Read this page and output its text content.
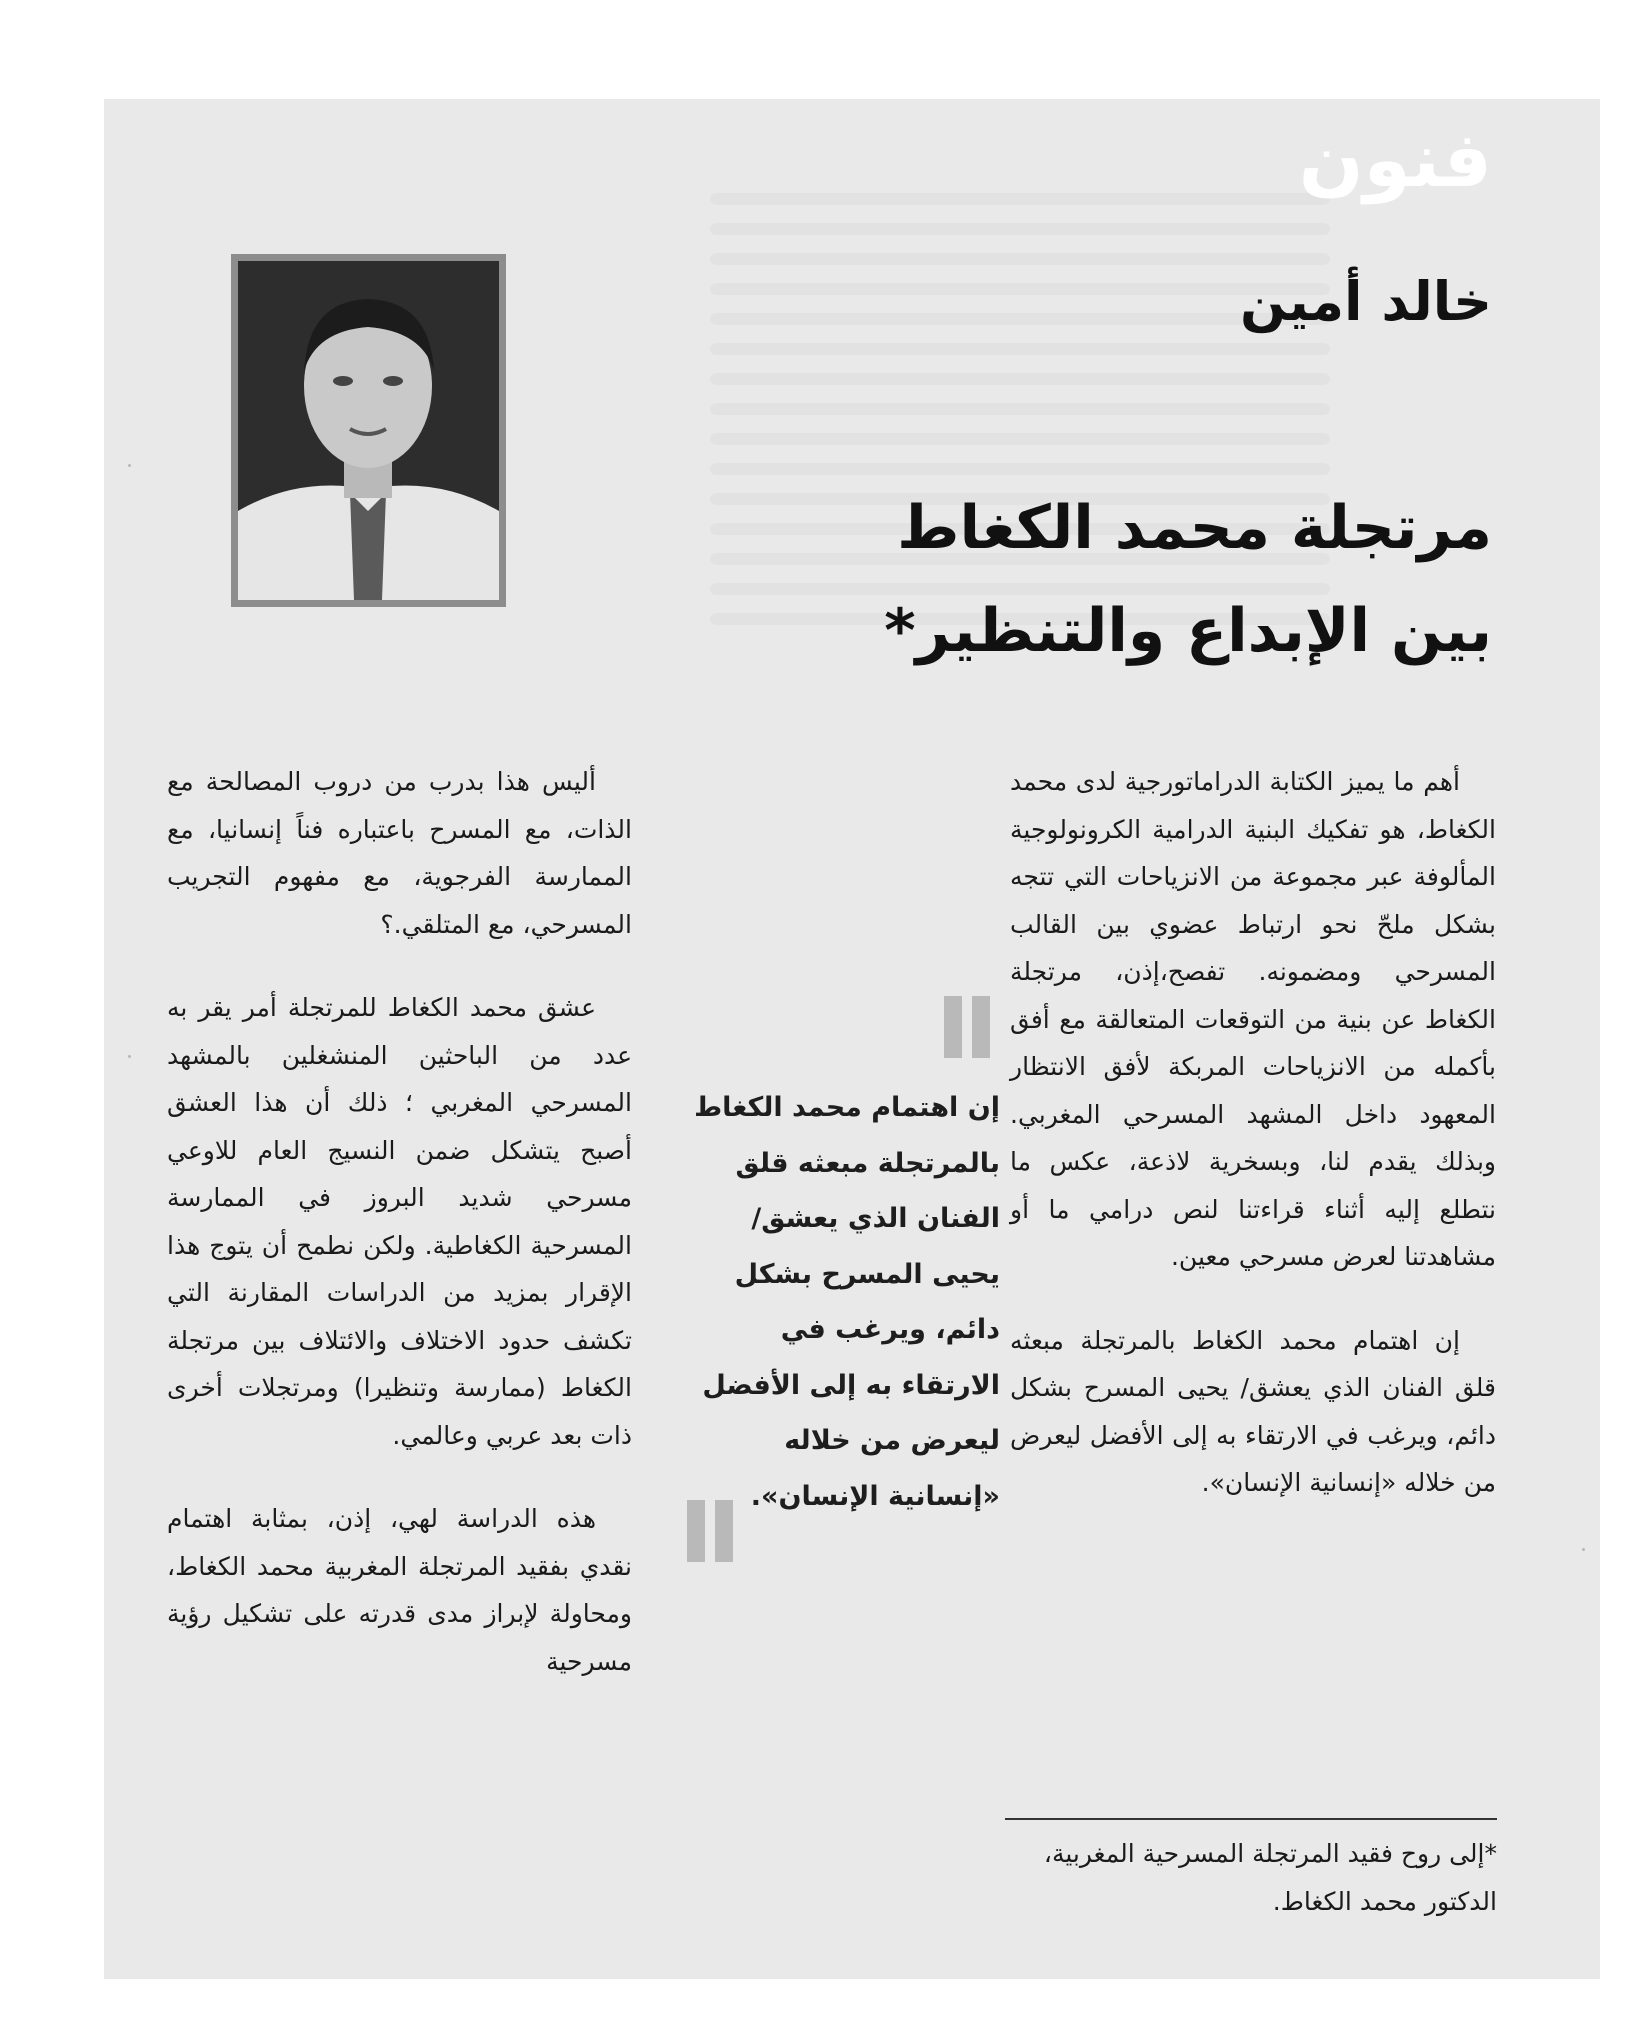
فنون
خالد أمين
مرتجلة محمد الكغاط
بين الإبداع والتنظير*

أهم ما يميز الكتابة الدراماتورجية لدى محمد الكغاط، هو تفكيك البنية الدرامية الكرونولوجية المألوفة عبر مجموعة من الانزياحات التي تتجه بشكل ملحّ نحو ارتباط عضوي بين القالب المسرحي ومضمونه. تفصح،إذن، مرتجلة الكغاط عن بنية من التوقعات المتعالقة مع أفق بأكمله من الانزياحات المربكة لأفق الانتظار المعهود داخل المشهد المسرحي المغربي. وبذلك يقدم لنا، وبسخرية لاذعة، عكس ما نتطلع إليه أثناء قراءتنا لنص درامي ما أو مشاهدتنا لعرض مسرحي معين.

إن اهتمام محمد الكغاط بالمرتجلة مبعثه قلق الفنان الذي يعشق/ يحيى المسرح بشكل دائم، ويرغب في الارتقاء به إلى الأفضل ليعرض من خلاله «إنسانية الإنسان».

إن اهتمام محمد الكغاط بالمرتجلة مبعثه قلق الفنان الذي يعشق/ يحيى المسرح بشكل دائم، ويرغب في الارتقاء به إلى الأفضل ليعرض من خلاله «إنسانية الإنسان».

أليس هذا بدرب من دروب المصالحة مع الذات، مع المسرح باعتباره فناً إنسانيا، مع الممارسة الفرجوية، مع مفهوم التجريب المسرحي، مع المتلقي.؟

عشق محمد الكغاط للمرتجلة أمر يقر به عدد من الباحثين المنشغلين بالمشهد المسرحي المغربي ؛ ذلك أن هذا العشق أصبح يتشكل ضمن النسيج العام للاوعي مسرحي شديد البروز في الممارسة المسرحية الكغاطية. ولكن نطمح أن يتوج هذا الإقرار بمزيد من الدراسات المقارنة التي تكشف حدود الاختلاف والائتلاف بين مرتجلة الكغاط (ممارسة وتنظيرا) ومرتجلات أخرى ذات بعد عربي وعالمي.

هذه الدراسة لهي، إذن، بمثابة اهتمام نقدي بفقيد المرتجلة المغربية محمد الكغاط، ومحاولة لإبراز مدى قدرته على تشكيل رؤية مسرحية

*إلى روح فقيد المرتجلة المسرحية المغربية، الدكتور محمد الكغاط.
